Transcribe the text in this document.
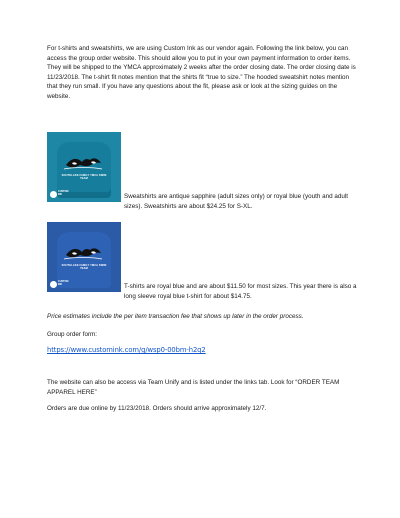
For t-shirts and sweatshirts, we are using Custom Ink as our vendor again. Following the link below, you can access the group order website. This should allow you to put in your own payment information to order items. They will be shipped to the YMCA approximately 2 weeks after the order closing date. The order closing date is 11/23/2018. The t-shirt fit notes mention that the shirts fit “true to size.” The hooded sweatshirt notes mention that they run small. If you have any questions about the fit, please ask or look at the sizing guides on the website.

SOUTHLAKE FAMILY YMCA SWIM TEAM
CUSTOM INK	Sweatshirts are antique sapphire (adult sizes only) or royal blue (youth and adult sizes). Sweatshirts are about $24.25 for S-XL.

SOUTHLAKE FAMILY YMCA SWIM TEAM
CUSTOM INK	T-shirts are royal blue and are about $11.50 for most sizes. This year there is also a long sleeve royal blue t-shirt for about $14.75.

Price estimates include the per item transaction fee that shows up later in the order process.

Group order form:

https://www.customink.com/g/wsp0-00bm-h2q2

The website can also be access via Team Unify and is listed under the links tab. Look for “ORDER TEAM APPAREL HERE”

Orders are due online by 11/23/2018. Orders should arrive approximately 12/7.
